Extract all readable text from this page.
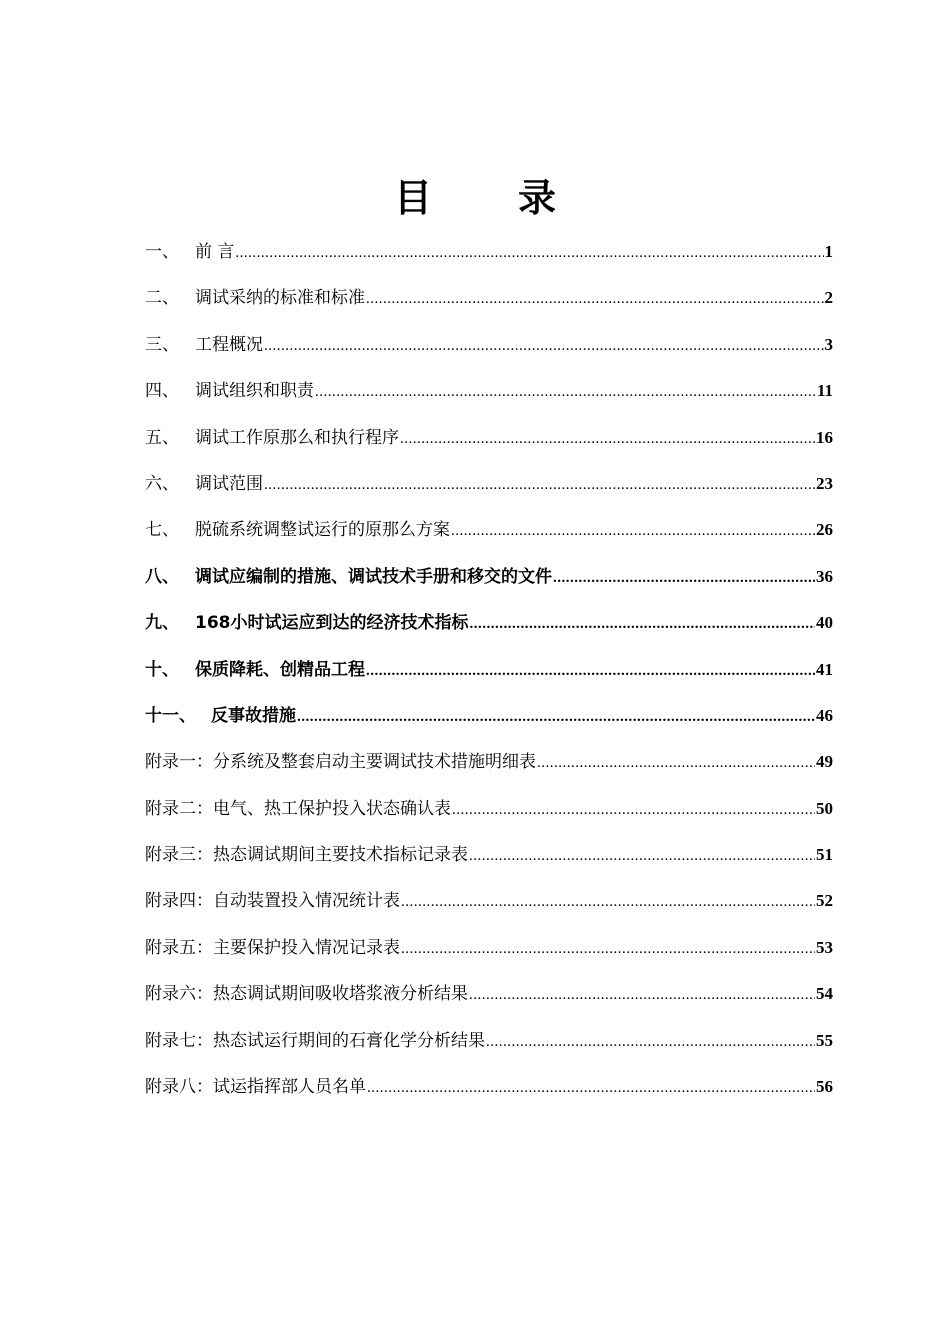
目 录
一、 前 言 .....	1
二、 调试采纳的标准和标准 .....	2
三、 工程概况 .....	3
四、 调试组织和职责 .....	11
五、 调试工作原那么和执行程序 .....	16
六、 调试范围 .....	23
七、 脱硫系统调整试运行的原那么方案 .....	26
八、 调试应编制的措施、调试技术手册和移交的文件 .....	36
九、 168小时试运应到达的经济技术指标 .....	40
十、 保质降耗、创精品工程 .....	41
十一、 反事故措施 .....	46
附录一：分系统及整套启动主要调试技术措施明细表 .....	49
附录二：电气、热工保护投入状态确认表 .....	50
附录三：热态调试期间主要技术指标记录表 .....	51
附录四：自动装置投入情况统计表 .....	52
附录五：主要保护投入情况记录表 .....	53
附录六：热态调试期间吸收塔浆液分析结果 .....	54
附录七：热态试运行期间的石膏化学分析结果 .....	55
附录八：试运指挥部人员名单 .....	56
